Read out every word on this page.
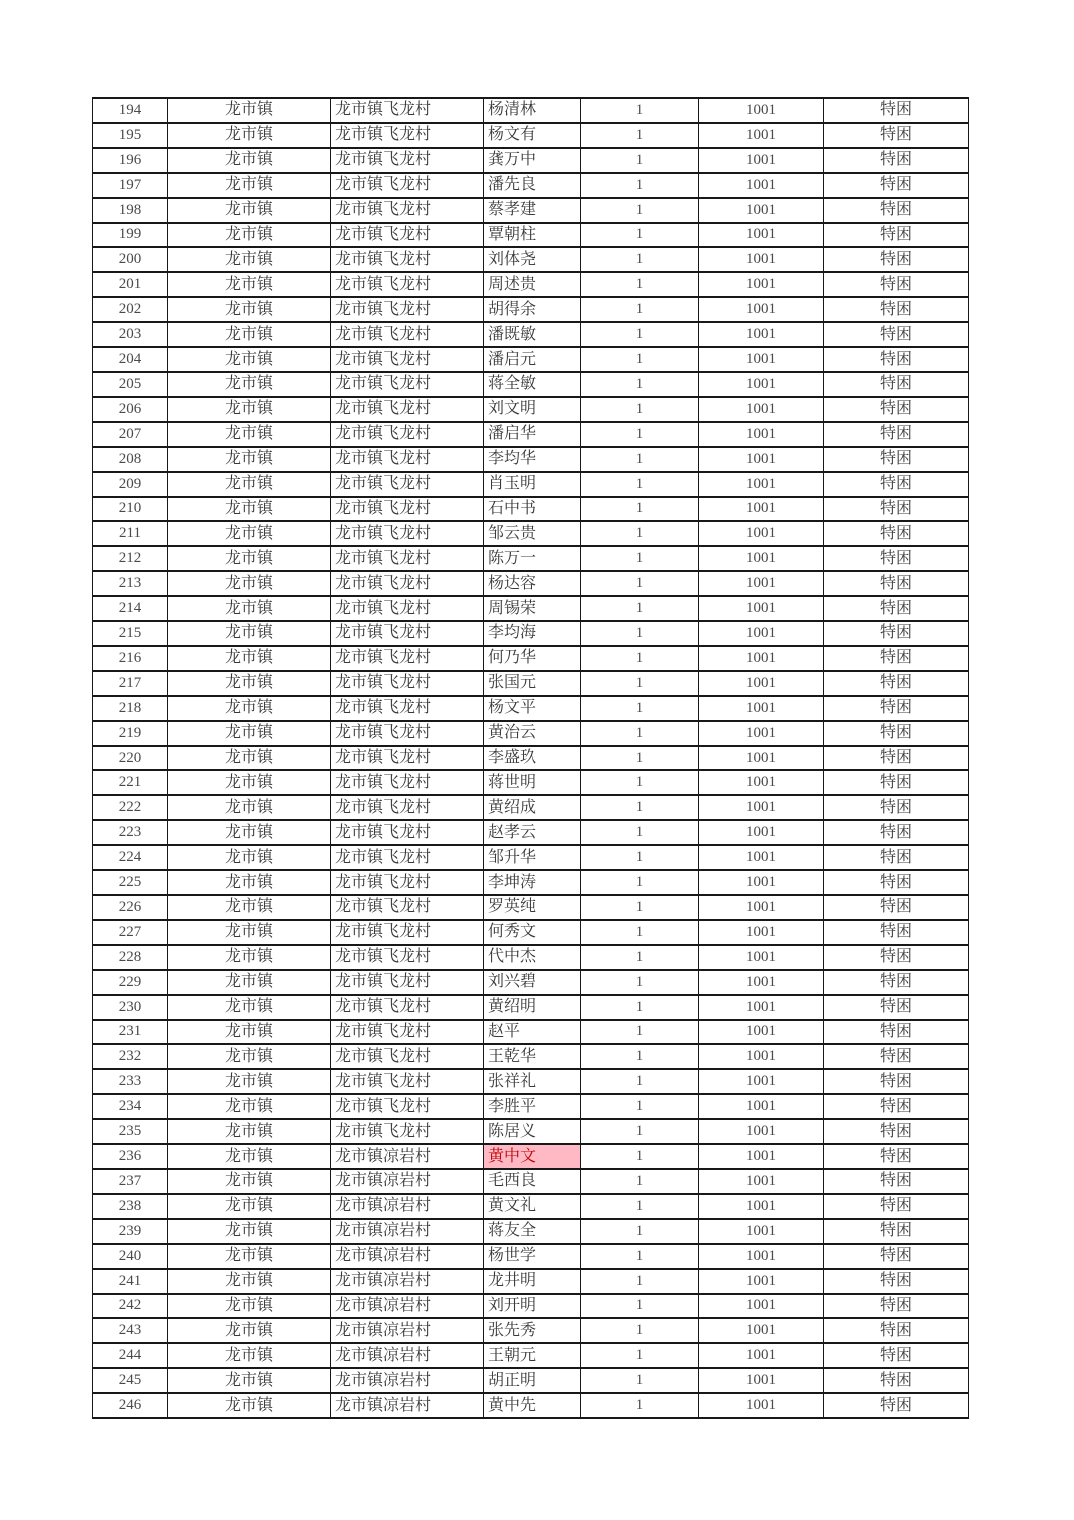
194	龙市镇	龙市镇飞龙村	杨清林	1	1001	特困
195	龙市镇	龙市镇飞龙村	杨文有	1	1001	特困
196	龙市镇	龙市镇飞龙村	龚万中	1	1001	特困
197	龙市镇	龙市镇飞龙村	潘先良	1	1001	特困
198	龙市镇	龙市镇飞龙村	蔡孝建	1	1001	特困
199	龙市镇	龙市镇飞龙村	覃朝柱	1	1001	特困
200	龙市镇	龙市镇飞龙村	刘体尧	1	1001	特困
201	龙市镇	龙市镇飞龙村	周述贵	1	1001	特困
202	龙市镇	龙市镇飞龙村	胡得余	1	1001	特困
203	龙市镇	龙市镇飞龙村	潘既敏	1	1001	特困
204	龙市镇	龙市镇飞龙村	潘启元	1	1001	特困
205	龙市镇	龙市镇飞龙村	蒋全敏	1	1001	特困
206	龙市镇	龙市镇飞龙村	刘文明	1	1001	特困
207	龙市镇	龙市镇飞龙村	潘启华	1	1001	特困
208	龙市镇	龙市镇飞龙村	李均华	1	1001	特困
209	龙市镇	龙市镇飞龙村	肖玉明	1	1001	特困
210	龙市镇	龙市镇飞龙村	石中书	1	1001	特困
211	龙市镇	龙市镇飞龙村	邹云贵	1	1001	特困
212	龙市镇	龙市镇飞龙村	陈万一	1	1001	特困
213	龙市镇	龙市镇飞龙村	杨达容	1	1001	特困
214	龙市镇	龙市镇飞龙村	周锡荣	1	1001	特困
215	龙市镇	龙市镇飞龙村	李均海	1	1001	特困
216	龙市镇	龙市镇飞龙村	何乃华	1	1001	特困
217	龙市镇	龙市镇飞龙村	张国元	1	1001	特困
218	龙市镇	龙市镇飞龙村	杨文平	1	1001	特困
219	龙市镇	龙市镇飞龙村	黄治云	1	1001	特困
220	龙市镇	龙市镇飞龙村	李盛玖	1	1001	特困
221	龙市镇	龙市镇飞龙村	蒋世明	1	1001	特困
222	龙市镇	龙市镇飞龙村	黄绍成	1	1001	特困
223	龙市镇	龙市镇飞龙村	赵孝云	1	1001	特困
224	龙市镇	龙市镇飞龙村	邹升华	1	1001	特困
225	龙市镇	龙市镇飞龙村	李坤涛	1	1001	特困
226	龙市镇	龙市镇飞龙村	罗英纯	1	1001	特困
227	龙市镇	龙市镇飞龙村	何秀文	1	1001	特困
228	龙市镇	龙市镇飞龙村	代中杰	1	1001	特困
229	龙市镇	龙市镇飞龙村	刘兴碧	1	1001	特困
230	龙市镇	龙市镇飞龙村	黄绍明	1	1001	特困
231	龙市镇	龙市镇飞龙村	赵平	1	1001	特困
232	龙市镇	龙市镇飞龙村	王乾华	1	1001	特困
233	龙市镇	龙市镇飞龙村	张祥礼	1	1001	特困
234	龙市镇	龙市镇飞龙村	李胜平	1	1001	特困
235	龙市镇	龙市镇飞龙村	陈居义	1	1001	特困
236	龙市镇	龙市镇凉岩村	黄中文	1	1001	特困
237	龙市镇	龙市镇凉岩村	毛西良	1	1001	特困
238	龙市镇	龙市镇凉岩村	黄文礼	1	1001	特困
239	龙市镇	龙市镇凉岩村	蒋友全	1	1001	特困
240	龙市镇	龙市镇凉岩村	杨世学	1	1001	特困
241	龙市镇	龙市镇凉岩村	龙井明	1	1001	特困
242	龙市镇	龙市镇凉岩村	刘开明	1	1001	特困
243	龙市镇	龙市镇凉岩村	张先秀	1	1001	特困
244	龙市镇	龙市镇凉岩村	王朝元	1	1001	特困
245	龙市镇	龙市镇凉岩村	胡正明	1	1001	特困
246	龙市镇	龙市镇凉岩村	黄中先	1	1001	特困
